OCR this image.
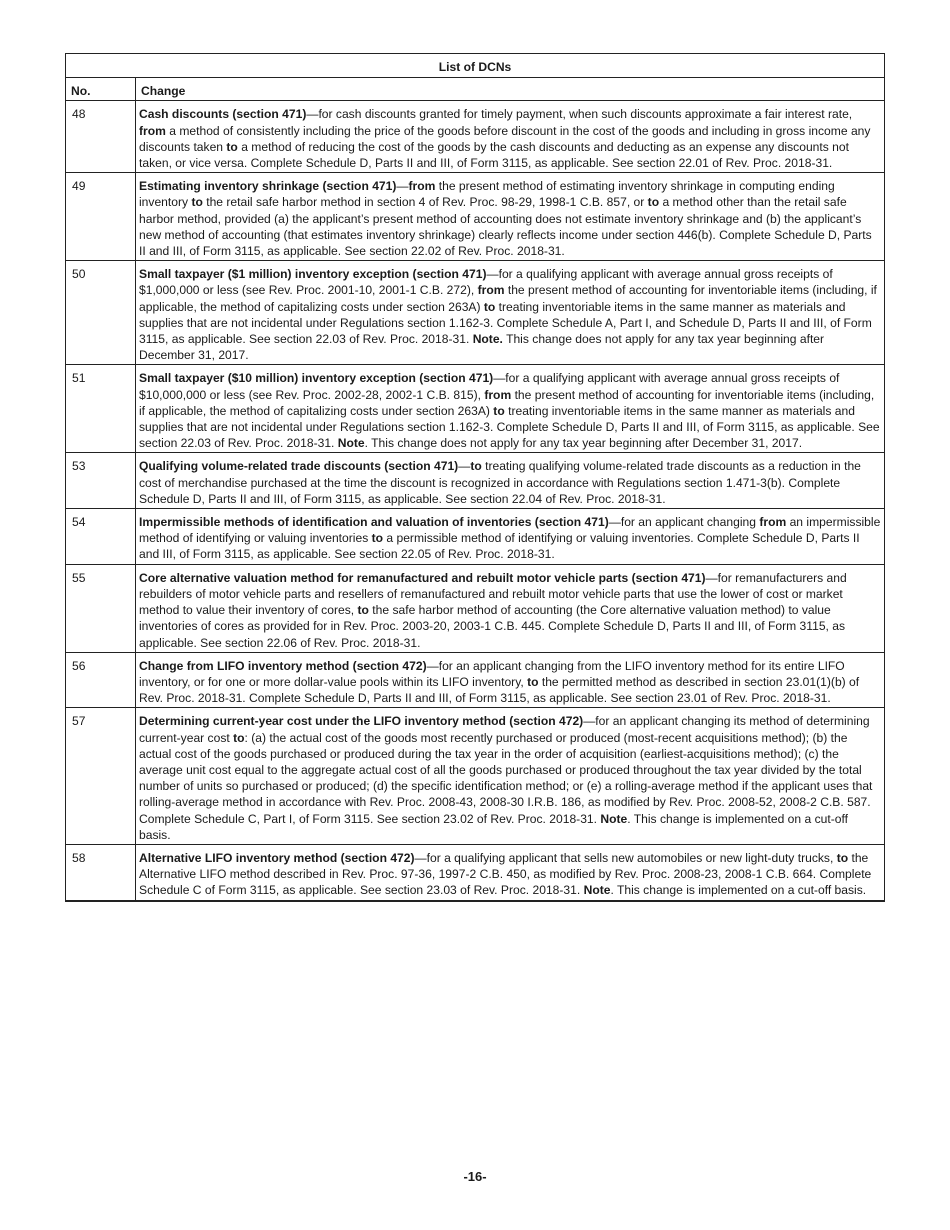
List of DCNs	
No.	Change
48	Cash discounts (section 471)—for cash discounts granted for timely payment, when such discounts approximate a fair interest rate, from a method of consistently including the price of the goods before discount in the cost of the goods and including in gross income any discounts taken to a method of reducing the cost of the goods by the cash discounts and deducting as an expense any discounts not taken, or vice versa. Complete Schedule D, Parts II and III, of Form 3115, as applicable. See section 22.01 of Rev. Proc. 2018-31.
49	Estimating inventory shrinkage (section 471)—from the present method of estimating inventory shrinkage in computing ending inventory to the retail safe harbor method in section 4 of Rev. Proc. 98-29, 1998-1 C.B. 857, or to a method other than the retail safe harbor method, provided (a) the applicant’s present method of accounting does not estimate inventory shrinkage and (b) the applicant’s new method of accounting (that estimates inventory shrinkage) clearly reflects income under section 446(b). Complete Schedule D, Parts II and III, of Form 3115, as applicable. See section 22.02 of Rev. Proc. 2018-31.
50	Small taxpayer ($1 million) inventory exception (section 471)—for a qualifying applicant with average annual gross receipts of $1,000,000 or less (see Rev. Proc. 2001-10, 2001-1 C.B. 272), from the present method of accounting for inventoriable items (including, if applicable, the method of capitalizing costs under section 263A) to treating inventoriable items in the same manner as materials and supplies that are not incidental under Regulations section 1.162-3. Complete Schedule A, Part I, and Schedule D, Parts II and III, of Form 3115, as applicable. See section 22.03 of Rev. Proc. 2018-31. Note. This change does not apply for any tax year beginning after December 31, 2017.
51	Small taxpayer ($10 million) inventory exception (section 471)—for a qualifying applicant with average annual gross receipts of $10,000,000 or less (see Rev. Proc. 2002-28, 2002-1 C.B. 815), from the present method of accounting for inventoriable items (including, if applicable, the method of capitalizing costs under section 263A) to treating inventoriable items in the same manner as materials and supplies that are not incidental under Regulations section 1.162-3. Complete Schedule D, Parts II and III, of Form 3115, as applicable. See section 22.03 of Rev. Proc. 2018-31. Note. This change does not apply for any tax year beginning after December 31, 2017.
53	Qualifying volume-related trade discounts (section 471)—to treating qualifying volume-related trade discounts as a reduction in the cost of merchandise purchased at the time the discount is recognized in accordance with Regulations section 1.471-3(b). Complete Schedule D, Parts II and III, of Form 3115, as applicable. See section 22.04 of Rev. Proc. 2018-31.
54	Impermissible methods of identification and valuation of inventories (section 471)—for an applicant changing from an impermissible method of identifying or valuing inventories to a permissible method of identifying or valuing inventories. Complete Schedule D, Parts II and III, of Form 3115, as applicable. See section 22.05 of Rev. Proc. 2018-31.
55	Core alternative valuation method for remanufactured and rebuilt motor vehicle parts (section 471)—for remanufacturers and rebuilders of motor vehicle parts and resellers of remanufactured and rebuilt motor vehicle parts that use the lower of cost or market method to value their inventory of cores, to the safe harbor method of accounting (the Core alternative valuation method) to value inventories of cores as provided for in Rev. Proc. 2003-20, 2003-1 C.B. 445. Complete Schedule D, Parts II and III, of Form 3115, as applicable. See section 22.06 of Rev. Proc. 2018-31.
56	Change from LIFO inventory method (section 472)—for an applicant changing from the LIFO inventory method for its entire LIFO inventory, or for one or more dollar-value pools within its LIFO inventory, to the permitted method as described in section 23.01(1)(b) of Rev. Proc. 2018-31. Complete Schedule D, Parts II and III, of Form 3115, as applicable. See section 23.01 of Rev. Proc. 2018-31.
57	Determining current-year cost under the LIFO inventory method (section 472)—for an applicant changing its method of determining current-year cost to: (a) the actual cost of the goods most recently purchased or produced (most-recent acquisitions method); (b) the actual cost of the goods purchased or produced during the tax year in the order of acquisition (earliest-acquisitions method); (c) the average unit cost equal to the aggregate actual cost of all the goods purchased or produced throughout the tax year divided by the total number of units so purchased or produced; (d) the specific identification method; or (e) a rolling-average method if the applicant uses that rolling-average method in accordance with Rev. Proc. 2008-43, 2008-30 I.R.B. 186, as modified by Rev. Proc. 2008-52, 2008-2 C.B. 587. Complete Schedule C, Part I, of Form 3115. See section 23.02 of Rev. Proc. 2018-31. Note. This change is implemented on a cut-off basis.
58	Alternative LIFO inventory method (section 472)—for a qualifying applicant that sells new automobiles or new light-duty trucks, to the Alternative LIFO method described in Rev. Proc. 97-36, 1997-2 C.B. 450, as modified by Rev. Proc. 2008-23, 2008-1 C.B. 664. Complete Schedule C of Form 3115, as applicable. See section 23.03 of Rev. Proc. 2018-31. Note. This change is implemented on a cut-off basis.
-16-
